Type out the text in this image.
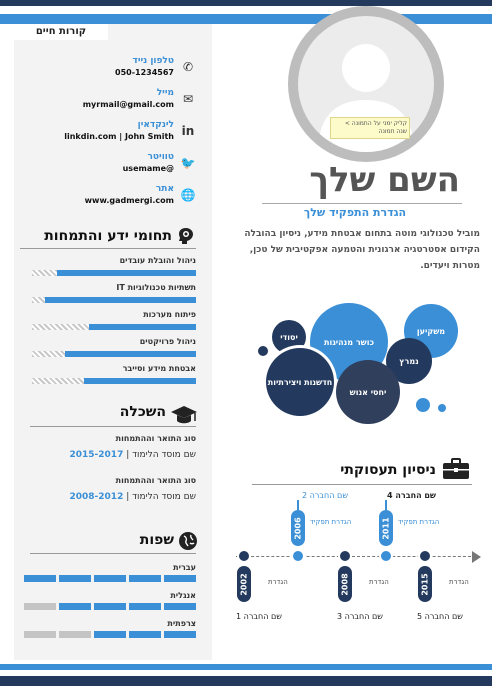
קורות חיים
טלפון נייד
050-1234567 ✆
מייל
myrmail@gmail.com ✉
לינקדאין
linkdin.com | John Smith in
טוויטר
@usemame 🐦
אתר
www.gadmergi.com 🌐
תחומי ידע והתמחות
ניהול והובלת עובדים
תשתיות טכנולוגיות IT
פיתוח מערכות
ניהול פרויקטים
אבטחת מידע וסייבר
השכלה
סוג התואר וההתמחות
2015-2017 | שם מוסד הלימוד
סוג התואר וההתמחות
2008-2012 | שם מוסד הלימוד
שפות
עברית
אנגלית
צרפתית
קליק ימני על התמונה > שנה תמונה
השם שלך
הגדרת התפקיד שלך
מוביל טכנולוגי מוטה בתחום אבטחת מידע, ניסיון בהובלה הקידום אסטרטגיה ארגונית והטמעה אפקטיבית של טכן, מטרות ויעדים.
משקיען
כושר מנהיגות
יסודי
נמרץ
חדשנות ויצירתיות
יחסי אנוש
ניסיון תעסוקתי
2002	הגדרת
שם החברה 1
2006 הגדרת תפקיד
שם החברה 2
2008	הגדרת
שם החברה 3
2011 הגדרת תפקיד
שם החברה 4
2015	הגדרת
שם החברה 5
